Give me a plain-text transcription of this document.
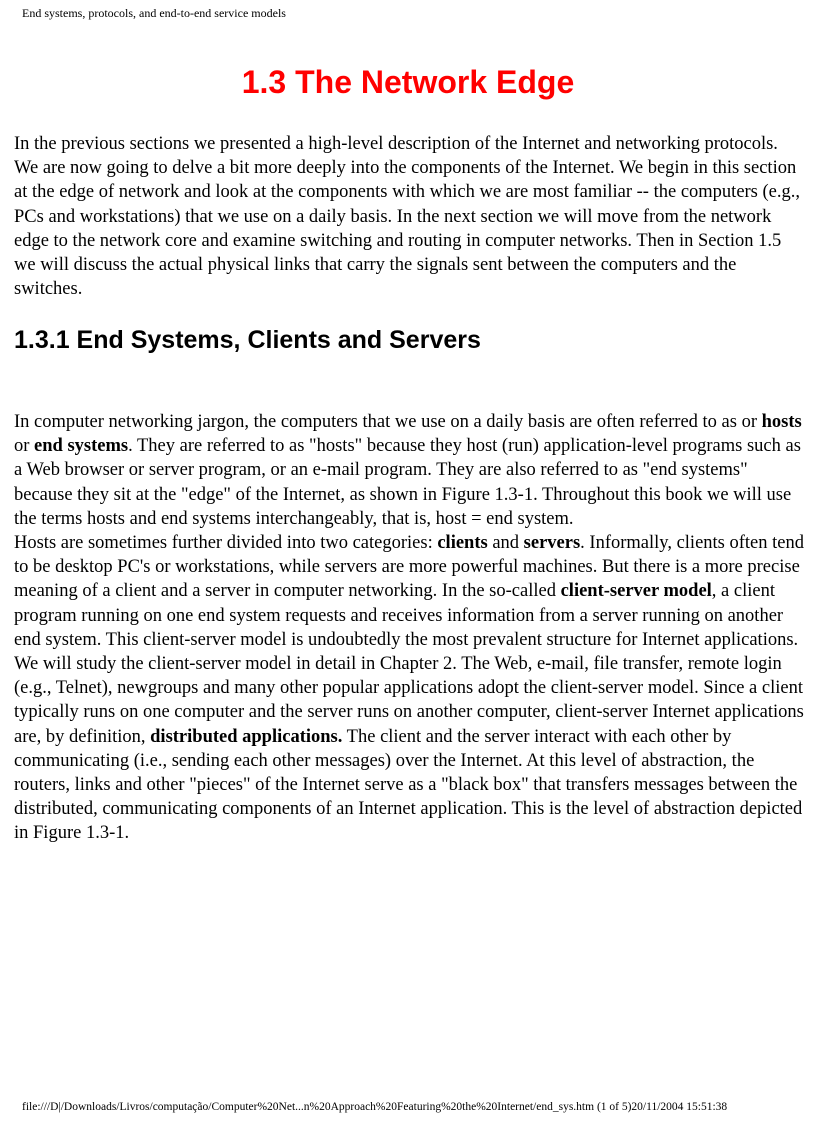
End systems, protocols, and end-to-end service models
1.3 The Network Edge

In the previous sections we presented a high-level description of the Internet and networking protocols. We are now going to delve a bit more deeply into the components of the Internet. We begin in this section at the edge of network and look at the components with which we are most familiar -- the computers (e.g., PCs and workstations) that we use on a daily basis. In the next section we will move from the network edge to the network core and examine switching and routing in computer networks. Then in Section 1.5 we will discuss the actual physical links that carry the signals sent between the computers and the switches.

1.3.1 End Systems, Clients and Servers

In computer networking jargon, the computers that we use on a daily basis are often referred to as or hosts or end systems. They are referred to as "hosts" because they host (run) application-level programs such as a Web browser or server program, or an e-mail program. They are also referred to as "end systems" because they sit at the "edge" of the Internet, as shown in Figure 1.3-1. Throughout this book we will use the terms hosts and end systems interchangeably, that is, host = end system.

Hosts are sometimes further divided into two categories: clients and servers. Informally, clients often tend to be desktop PC's or workstations, while servers are more powerful machines. But there is a more precise meaning of a client and a server in computer networking. In the so-called client-server model, a client program running on one end system requests and receives information from a server running on another end system. This client-server model is undoubtedly the most prevalent structure for Internet applications. We will study the client-server model in detail in Chapter 2. The Web, e-mail, file transfer, remote login (e.g., Telnet), newgroups and many other popular applications adopt the client-server model. Since a client typically runs on one computer and the server runs on another computer, client-server Internet applications are, by definition, distributed applications. The client and the server interact with each other by communicating (i.e., sending each other messages) over the Internet. At this level of abstraction, the routers, links and other "pieces" of the Internet serve as a "black box" that transfers messages between the distributed, communicating components of an Internet application. This is the level of abstraction depicted in Figure 1.3-1.

file:///D|/Downloads/Livros/computação/Computer%20Net...n%20Approach%20Featuring%20the%20Internet/end_sys.htm (1 of 5)20/11/2004 15:51:38
